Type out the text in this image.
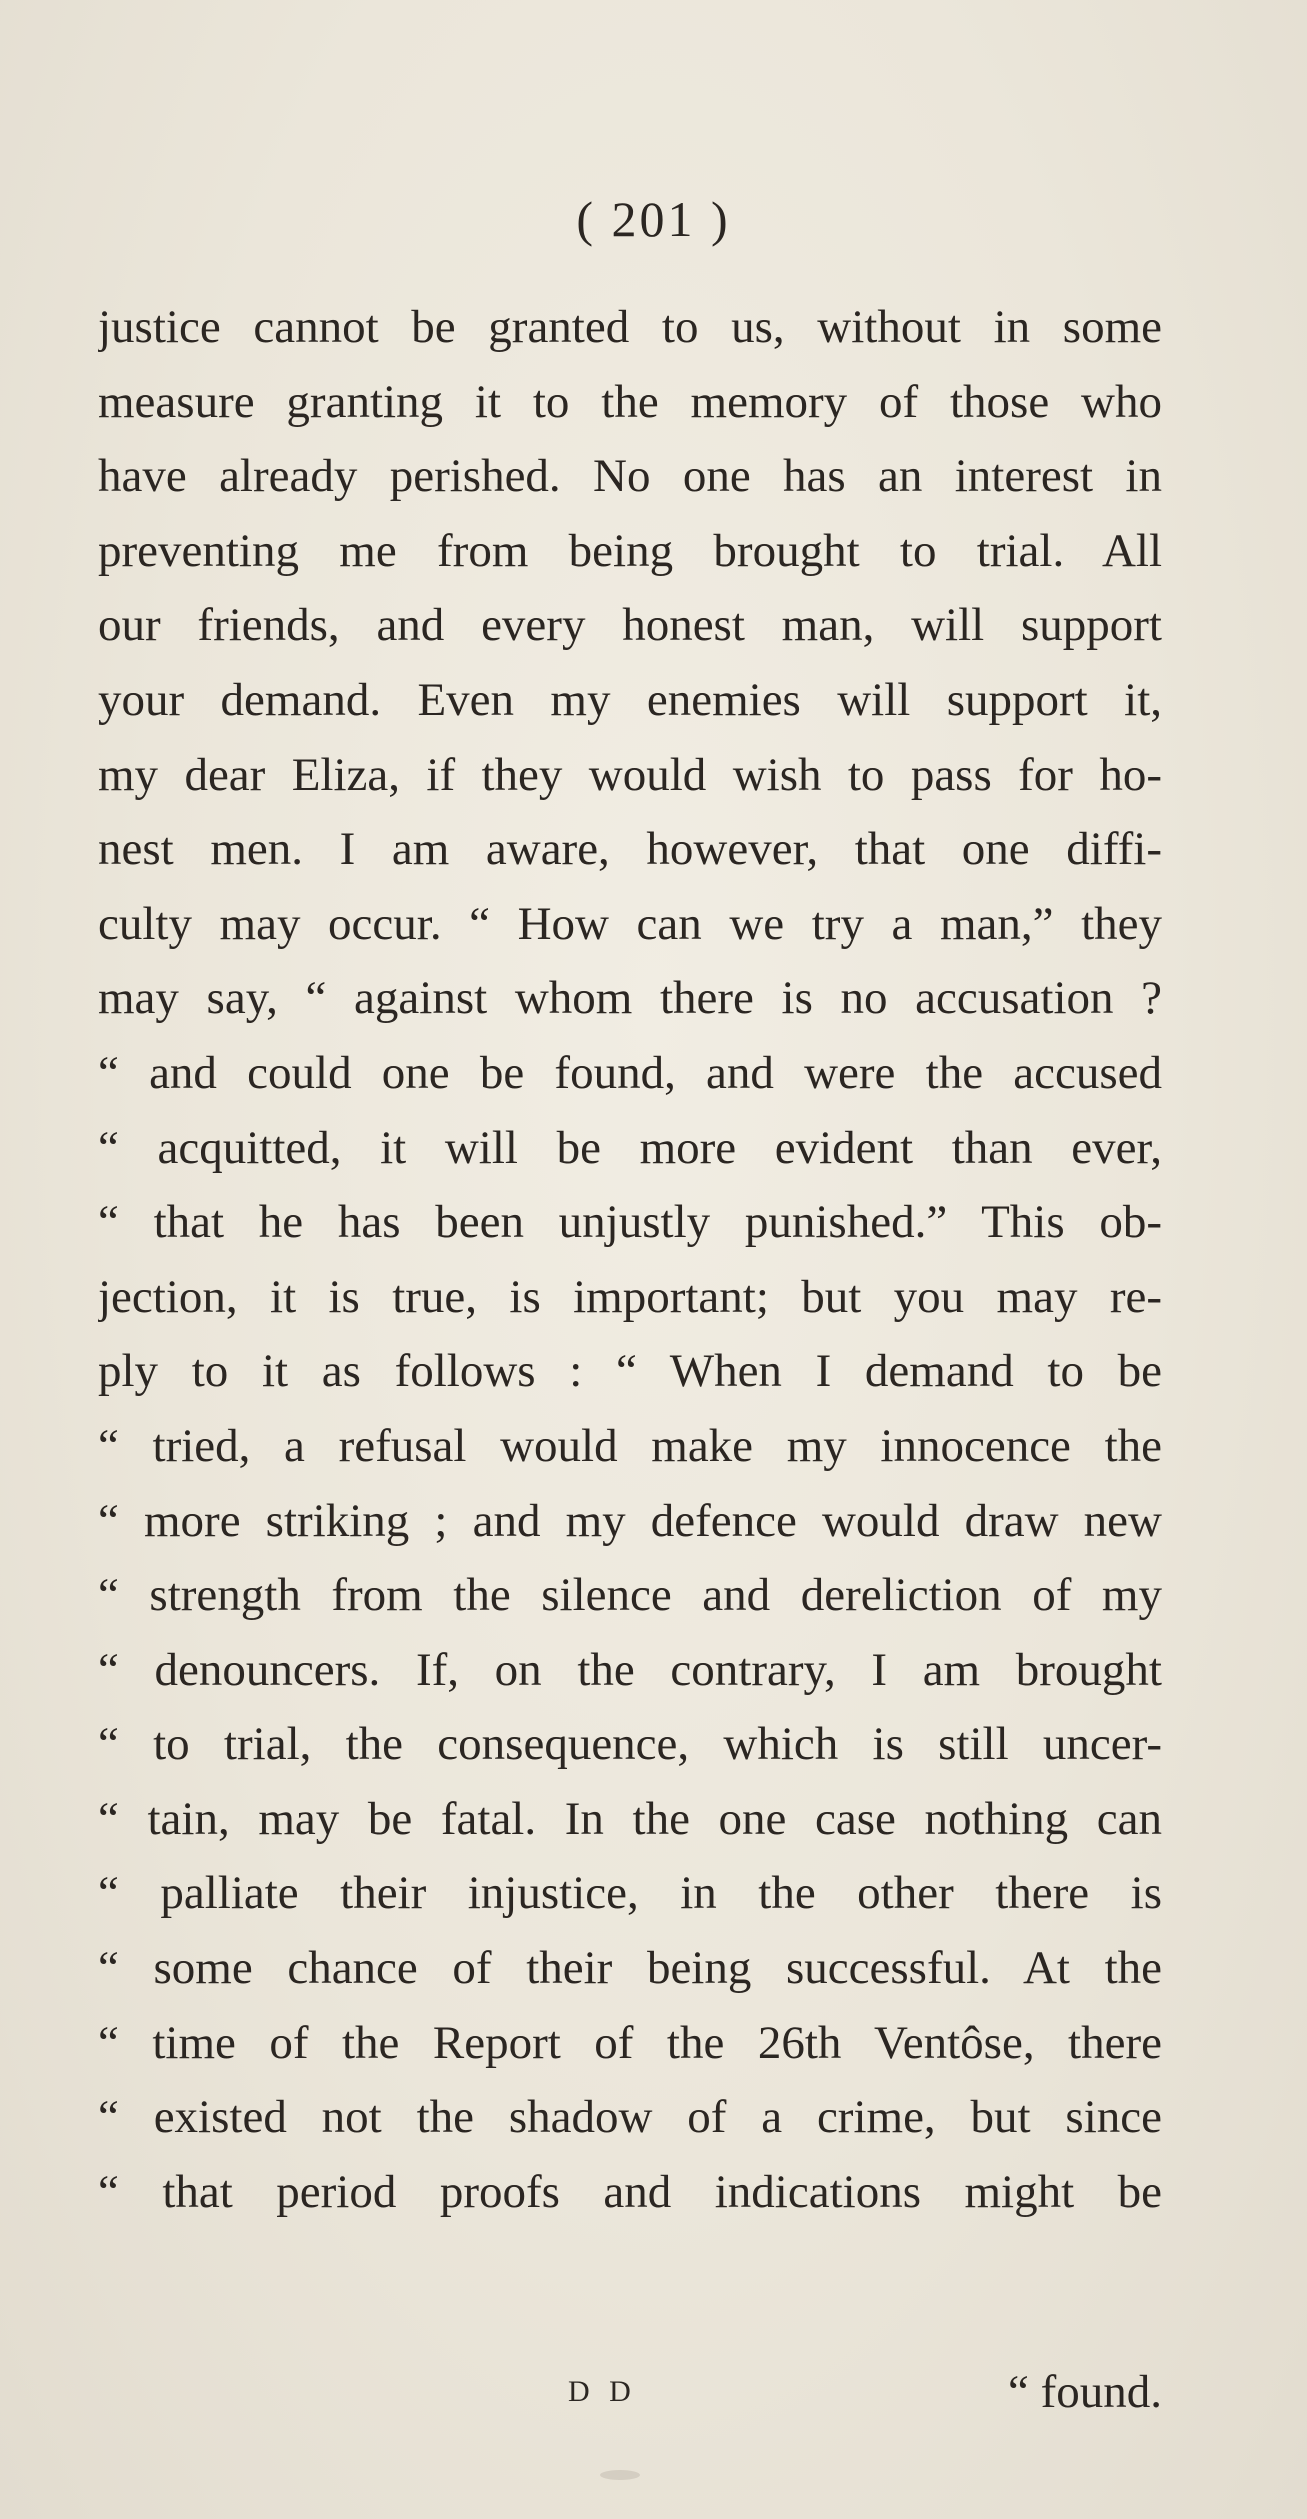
( 201 )
justice cannot be granted to us, without in some
measure granting it to the memory of those who
have already perished. No one has an interest in
preventing me from being brought to trial. All
our friends, and every honest man, will support
your demand. Even my enemies will support it,
my dear Eliza, if they would wish to pass for ho-
nest men. I am aware, however, that one diffi-
culty may occur. “ How can we try a man,” they
may say, “ against whom there is no accusation ?
“ and could one be found, and were the accused
“ acquitted, it will be more evident than ever,
“ that he has been unjustly punished.” This ob-
jection, it is true, is important; but you may re-
ply to it as follows : “ When I demand to be
“ tried, a refusal would make my innocence the
“ more striking ; and my defence would draw new
“ strength from the silence and dereliction of my
“ denouncers. If, on the contrary, I am brought
“ to trial, the consequence, which is still uncer-
“ tain, may be fatal. In the one case nothing can
“ palliate their injustice, in the other there is
“ some chance of their being successful. At the
“ time of the Report of the 26th Ventôse, there
“ existed not the shadow of a crime, but since
“ that period proofs and indications might be
D D	“ found.
